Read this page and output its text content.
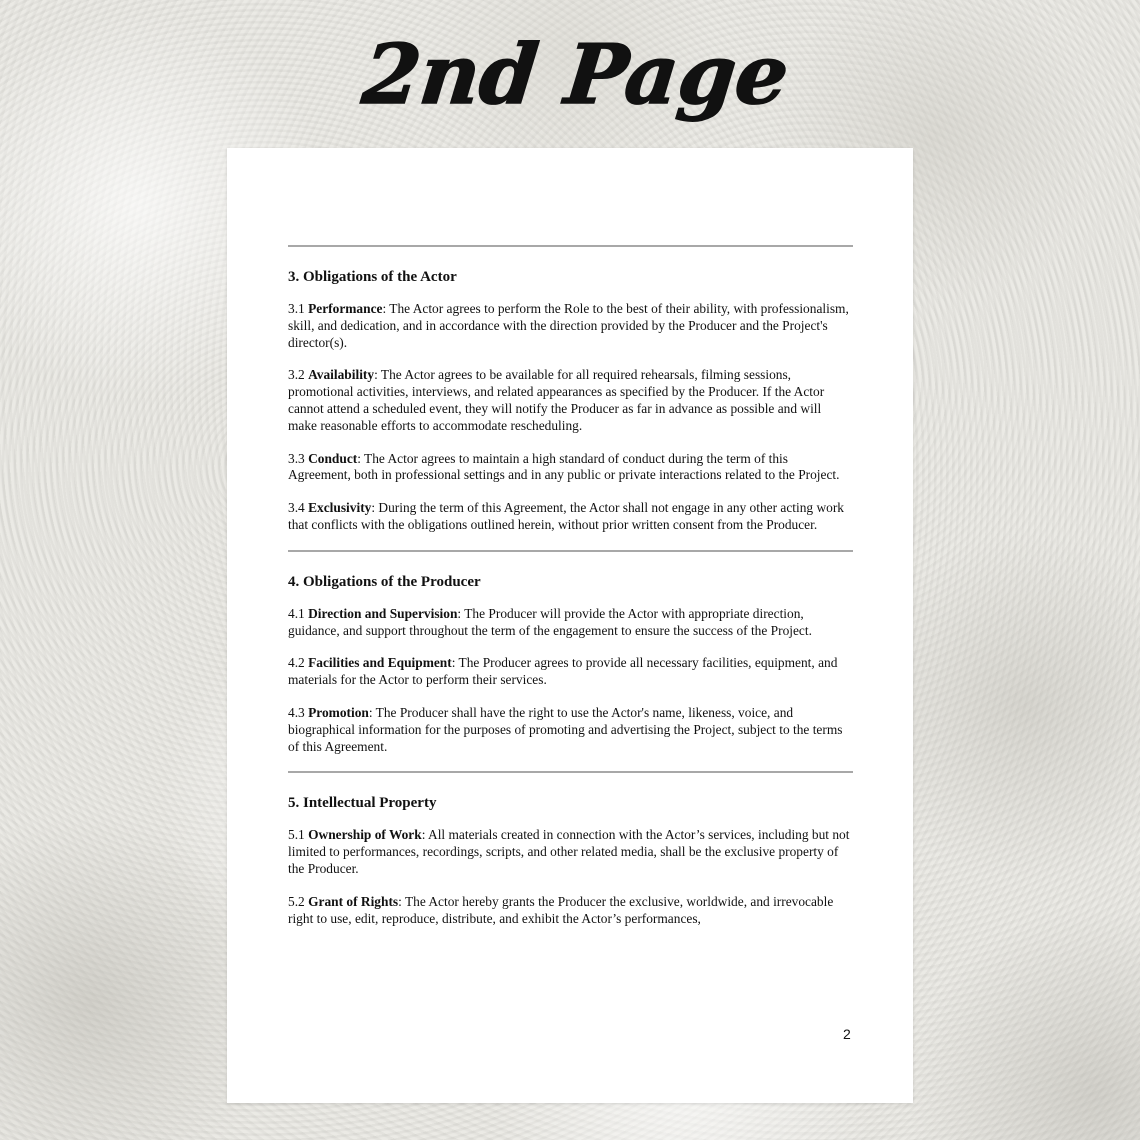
2nd Page
3. Obligations of the Actor

3.1 Performance: The Actor agrees to perform the Role to the best of their ability, with professionalism, skill, and dedication, and in accordance with the direction provided by the Producer and the Project's director(s).

3.2 Availability: The Actor agrees to be available for all required rehearsals, filming sessions, promotional activities, interviews, and related appearances as specified by the Producer. If the Actor cannot attend a scheduled event, they will notify the Producer as far in advance as possible and will make reasonable efforts to accommodate rescheduling.

3.3 Conduct: The Actor agrees to maintain a high standard of conduct during the term of this Agreement, both in professional settings and in any public or private interactions related to the Project.

3.4 Exclusivity: During the term of this Agreement, the Actor shall not engage in any other acting work that conflicts with the obligations outlined herein, without prior written consent from the Producer.

4. Obligations of the Producer

4.1 Direction and Supervision: The Producer will provide the Actor with appropriate direction, guidance, and support throughout the term of the engagement to ensure the success of the Project.

4.2 Facilities and Equipment: The Producer agrees to provide all necessary facilities, equipment, and materials for the Actor to perform their services.

4.3 Promotion: The Producer shall have the right to use the Actor's name, likeness, voice, and biographical information for the purposes of promoting and advertising the Project, subject to the terms of this Agreement.

5. Intellectual Property

5.1 Ownership of Work: All materials created in connection with the Actor’s services, including but not limited to performances, recordings, scripts, and other related media, shall be the exclusive property of the Producer.

5.2 Grant of Rights: The Actor hereby grants the Producer the exclusive, worldwide, and irrevocable right to use, edit, reproduce, distribute, and exhibit the Actor’s performances,

2
